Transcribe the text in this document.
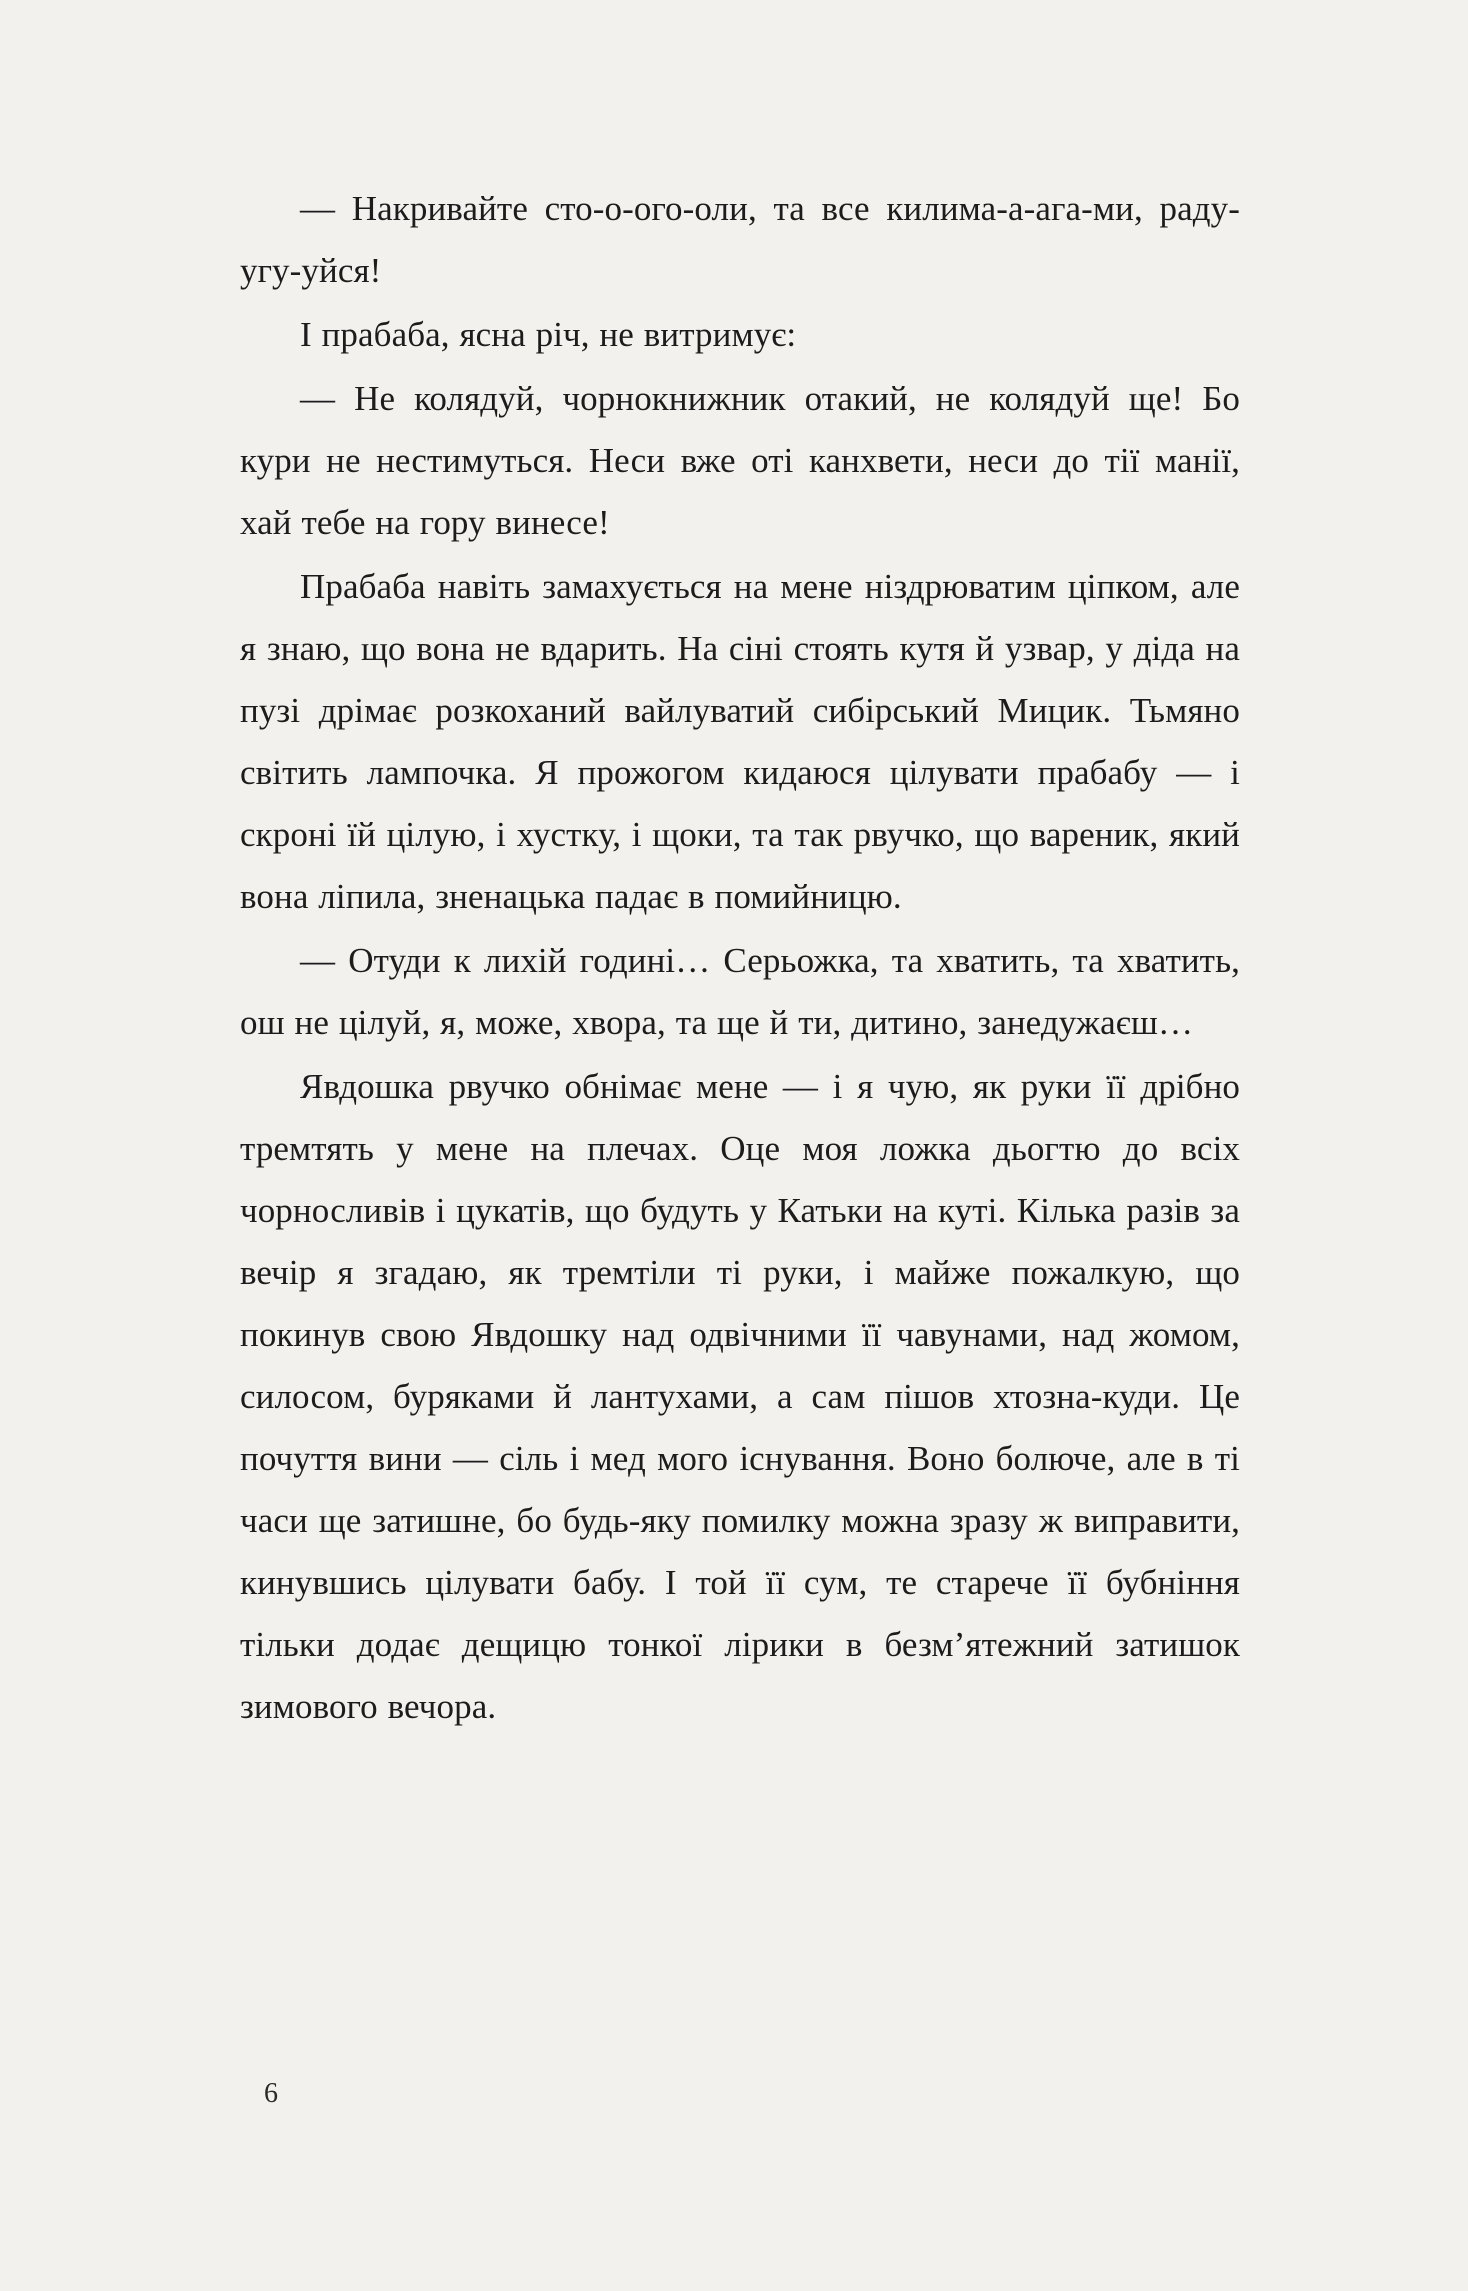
— Накривайте сто-о-ого-оли, та все килима-а-ага-ми, раду-угу-уйся!

І прабаба, ясна річ, не витримує:

— Не колядуй, чорнокнижник отакий, не колядуй ще! Бо кури не нестимуться. Неси вже оті канхвети, неси до тії манії, хай тебе на гору винесе!

Прабаба навіть замахується на мене ніздрюватим ціпком, але я знаю, що вона не вдарить. На сіні стоять кутя й узвар, у діда на пузі дрімає розкоханий вайлуватий сибірський Мицик. Тьмяно світить лампочка. Я прожогом кидаюся цілувати прабабу — і скроні їй цілую, і хустку, і щоки, та так рвучко, що вареник, який вона ліпила, зненацька падає в помийницю.

— Отуди к лихій годині… Серьожка, та хватить, та хватить, ош не цілуй, я, може, хвора, та ще й ти, дитино, занедужаєш…

Явдошка рвучко обнімає мене — і я чую, як руки її дрібно тремтять у мене на плечах. Оце моя ложка дьогтю до всіх чорносливів і цукатів, що будуть у Катьки на куті. Кілька разів за вечір я згадаю, як тремтіли ті руки, і майже пожалкую, що покинув свою Явдошку над одвічними її чавунами, над жомом, силосом, буряками й лантухами, а сам пішов хтозна-куди. Це почуття вини — сіль і мед мого існування. Воно болюче, але в ті часи ще затишне, бо будь-яку помилку можна зразу ж виправити, кинувшись цілувати бабу. І той її сум, те старече її бубніння тільки додає дещицю тонкої лірики в безм’ятежний затишок зимового вечора.

6
